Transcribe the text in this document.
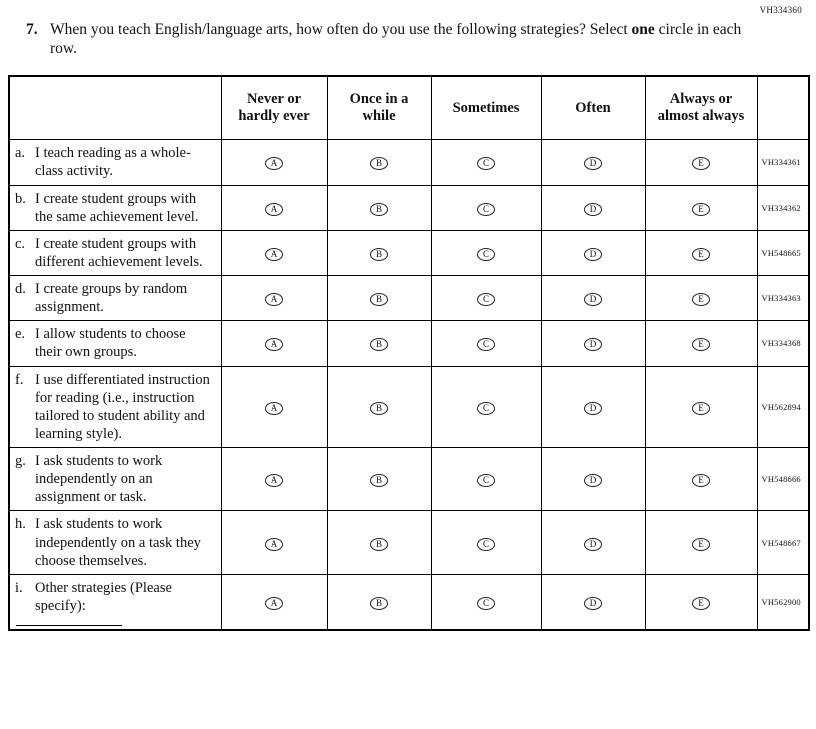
VH334360
7. When you teach English/language arts, how often do you use the following strategies? Select one circle in each row.
	Never or hardly ever	Once in a while	Sometimes	Often	Always or almost always	

a. I teach reading as a whole-class activity.	A	B	C	D	E	VH334361

b. I create student groups with the same achievement level.	A	B	C	D	E	VH334362

c. I create student groups with different achievement levels.	A	B	C	D	E	VH548665

d. I create groups by random assignment.	A	B	C	D	E	VH334363

e. I allow students to choose their own groups.	A	B	C	D	E	VH334368

f. I use differentiated instruction for reading (i.e., instruction tailored to student ability and learning style).	A	B	C	D	E	VH562894

g. I ask students to work independently on an assignment or task.	A	B	C	D	E	VH548666

h. I ask students to work independently on a task they choose themselves.	A	B	C	D	E	VH548667

i. Other strategies (Please specify):	A	B	C	D	E	VH562900
